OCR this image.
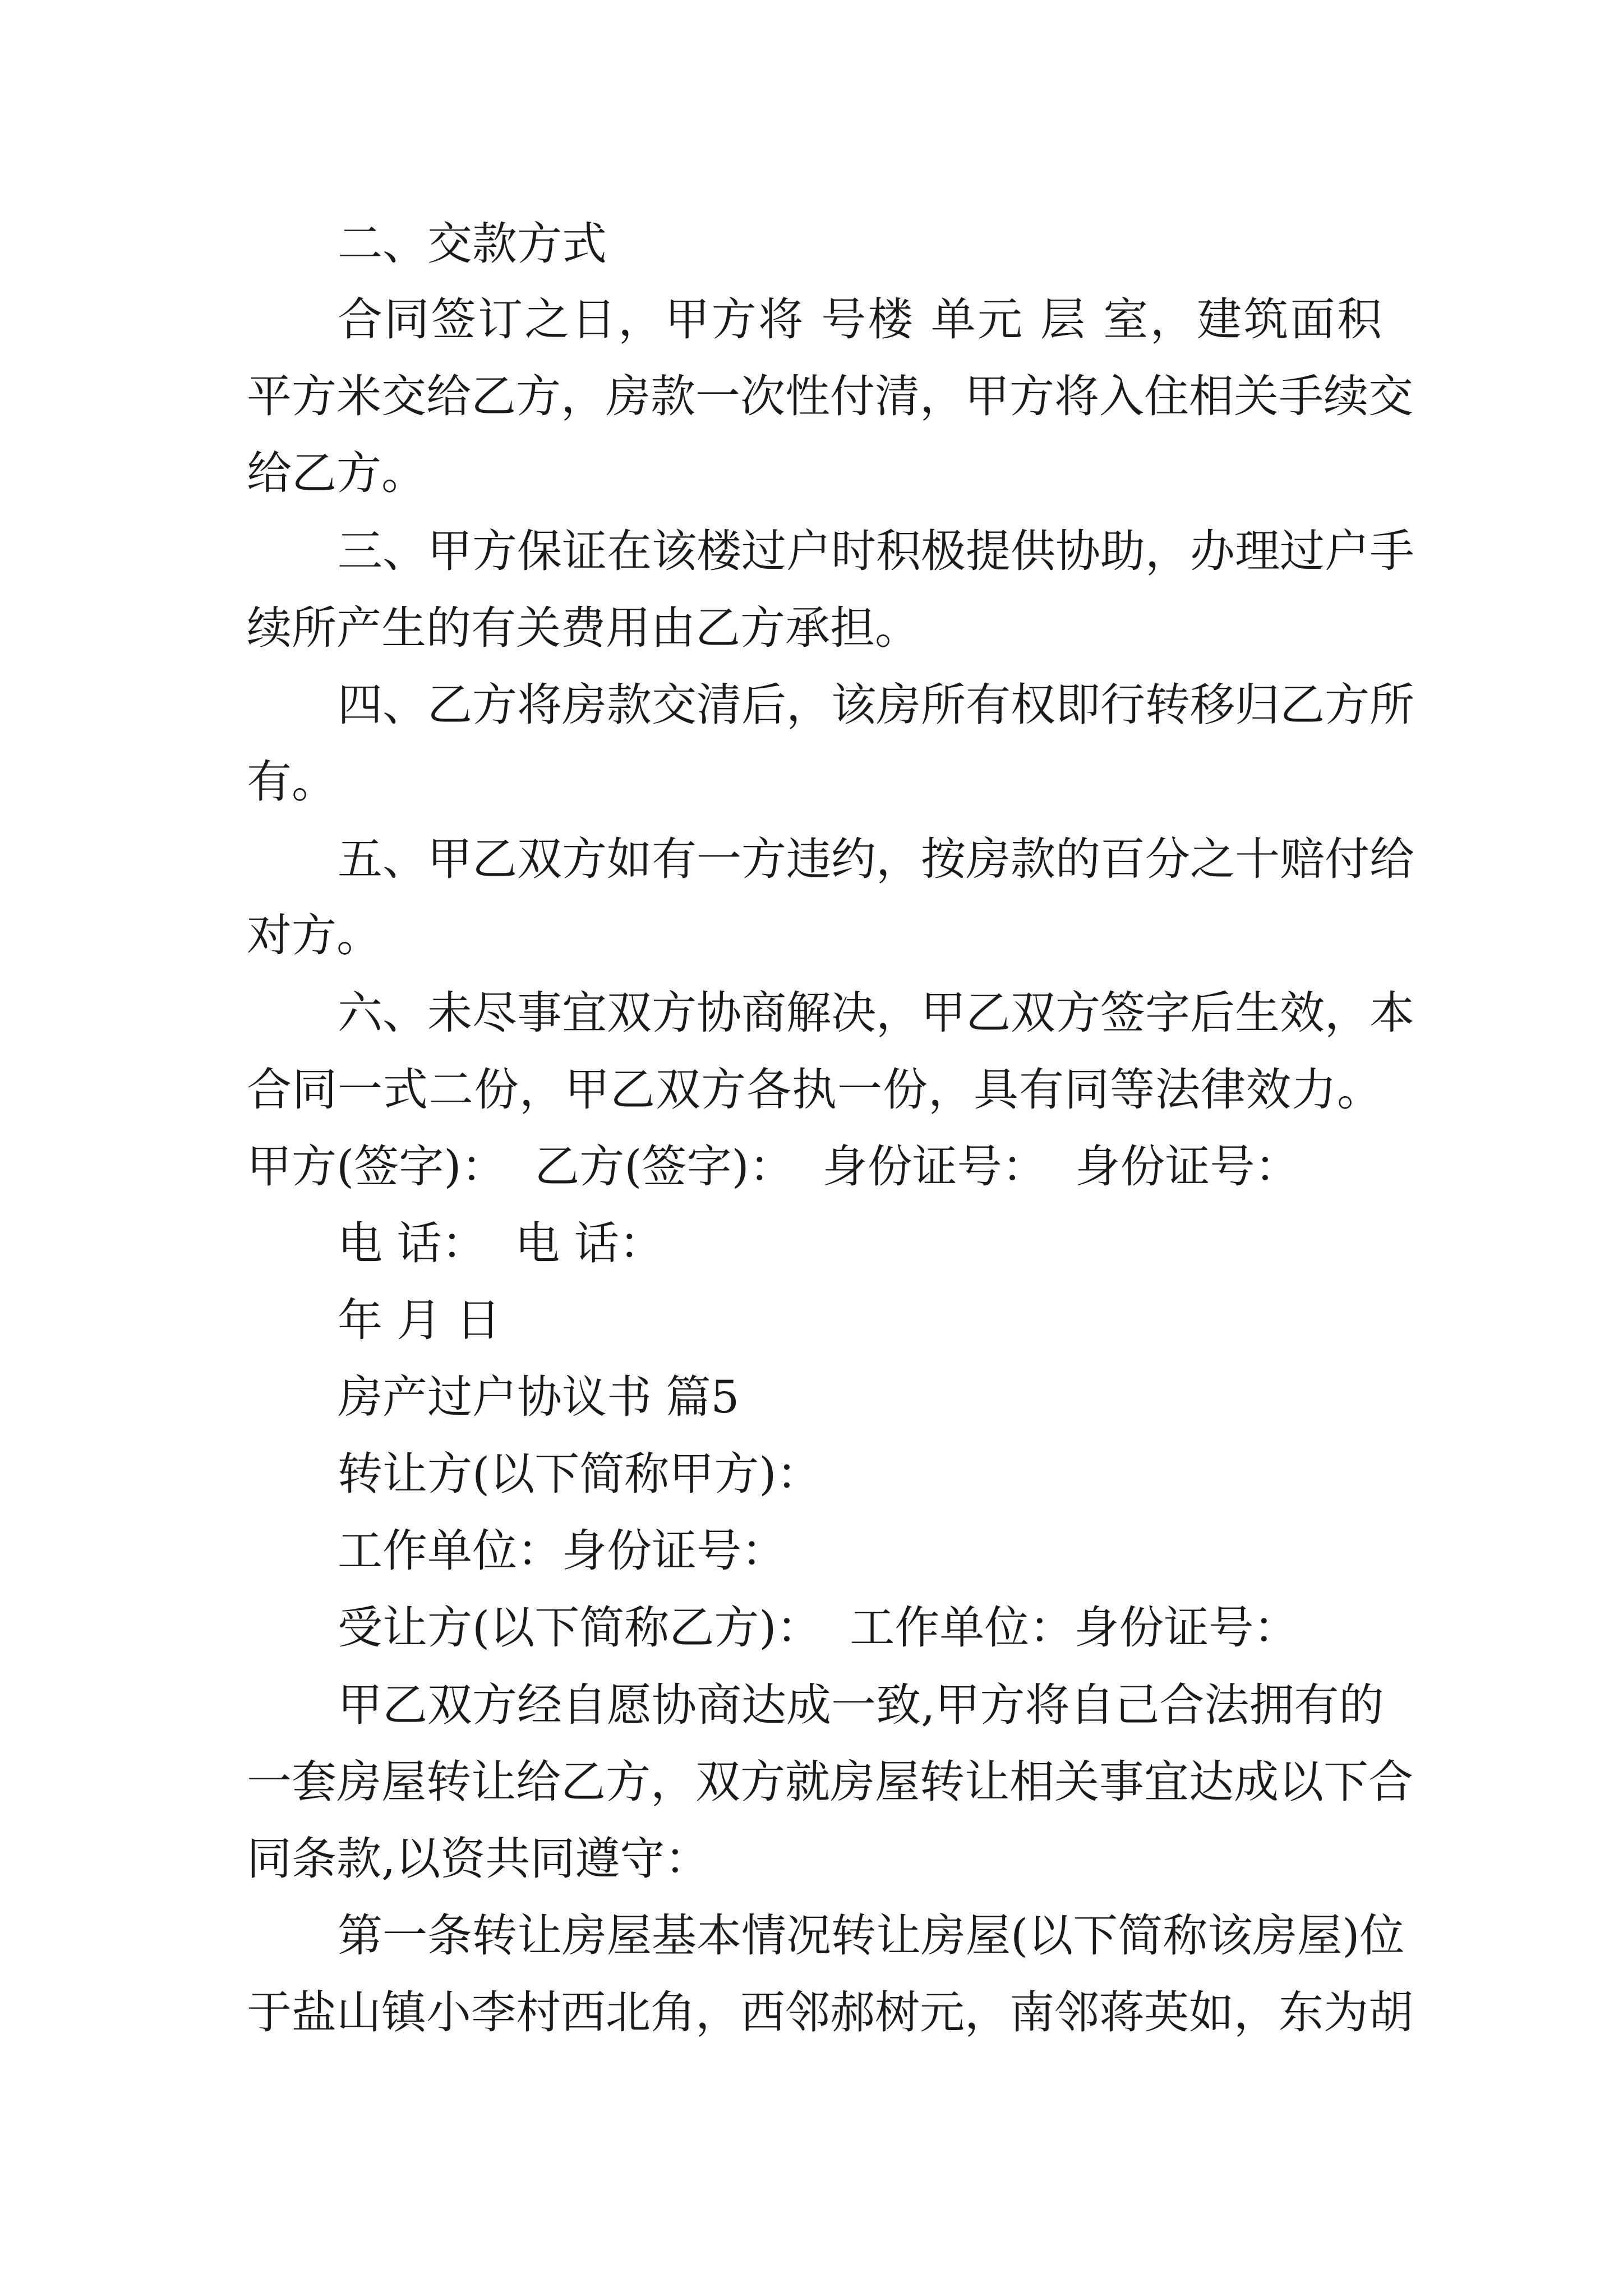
二、交款方式
合同签订之日，甲方将 号楼 单元 层 室，建筑面积
平方米交给乙方，房款一次性付清，甲方将入住相关手续交
给乙方。
三、甲方保证在该楼过户时积极提供协助，办理过户手
续所产生的有关费用由乙方承担。
四、乙方将房款交清后，该房所有权即行转移归乙方所
有。
五、甲乙双方如有一方违约，按房款的百分之十赔付给
对方。
六、未尽事宜双方协商解决，甲乙双方签字后生效，本
合同一式二份，甲乙双方各执一份，具有同等法律效力。
甲方(签字)：  乙方(签字)：  身份证号：  身份证号：
电 话：  电 话：
年 月 日
房产过户协议书 篇5
转让方(以下简称甲方)：
工作单位：身份证号：
受让方(以下简称乙方)：  工作单位：身份证号：
甲乙双方经自愿协商达成一致,甲方将自己合法拥有的
一套房屋转让给乙方，双方就房屋转让相关事宜达成以下合
同条款,以资共同遵守：
第一条转让房屋基本情况转让房屋(以下简称该房屋)位
于盐山镇小李村西北角，西邻郝树元，南邻蒋英如，东为胡
